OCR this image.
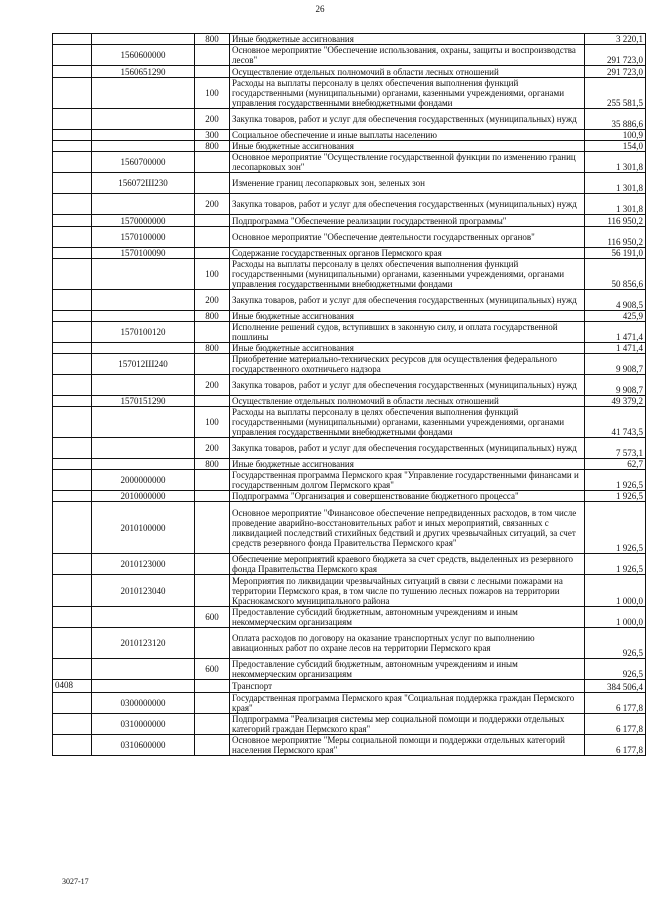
26
		800	Иные бюджетные ассигнования	3 220,1
	1560600000		Основное мероприятие "Обеспечение использования, охраны, защиты и воспроизводства лесов"	291 723,0
	1560651290		Осуществление отдельных полномочий в области лесных отношений	291 723,0
		100	Расходы на выплаты персоналу в целях обеспечения выполнения функций государственными (муниципальными) органами, казенными учреждениями, органами управления государственными внебюджетными фондами	255 581,5
		200	Закупка товаров, работ и услуг для обеспечения государственных (муниципальных) нужд	35 886,6
		300	Социальное обеспечение и иные выплаты населению	100,9
		800	Иные бюджетные ассигнования	154,0
	1560700000		Основное мероприятие "Осуществление государственной функции по изменению границ лесопарковых зон"	1 301,8
	156072Ш230		Изменение границ лесопарковых зон, зеленых зон	1 301,8
		200	Закупка товаров, работ и услуг для обеспечения государственных (муниципальных) нужд	1 301,8
	1570000000		Подпрограмма "Обеспечение реализации государственной программы"	116 950,2
	1570100000		Основное мероприятие "Обеспечение деятельности государственных органов"	116 950,2
	1570100090		Содержание государственных органов Пермского края	56 191,0
		100	Расходы на выплаты персоналу в целях обеспечения выполнения функций государственными (муниципальными) органами, казенными учреждениями, органами управления государственными внебюджетными фондами	50 856,6
		200	Закупка товаров, работ и услуг для обеспечения государственных (муниципальных) нужд	4 908,5
		800	Иные бюджетные ассигнования	425,9
	1570100120		Исполнение решений судов, вступивших в законную силу, и оплата государственной пошлины	1 471,4
		800	Иные бюджетные ассигнования	1 471,4
	157012Ш240		Приобретение материально-технических ресурсов для осуществления федерального государственного охотничьего надзора	9 908,7
		200	Закупка товаров, работ и услуг для обеспечения государственных (муниципальных) нужд	9 908,7
	1570151290		Осуществление отдельных полномочий в области лесных отношений	49 379,2
		100	Расходы на выплаты персоналу в целях обеспечения выполнения функций государственными (муниципальными) органами, казенными учреждениями, органами управления государственными внебюджетными фондами	41 743,5
		200	Закупка товаров, работ и услуг для обеспечения государственных (муниципальных) нужд	7 573,1
		800	Иные бюджетные ассигнования	62,7
	2000000000		Государственная программа Пермского края "Управление государственными финансами и государственным долгом Пермского края"	1 926,5
	2010000000		Подпрограмма "Организация и совершенствование бюджетного процесса"	1 926,5
	2010100000		Основное мероприятие "Финансовое обеспечение непредвиденных расходов, в том числе проведение аварийно-восстановительных работ и иных мероприятий, связанных с ликвидацией последствий стихийных бедствий и других чрезвычайных ситуаций, за счет средств резервного фонда Правительства Пермского края"	1 926,5
	2010123000		Обеспечение мероприятий краевого бюджета за счет средств, выделенных из резервного фонда Правительства Пермского края	1 926,5
	2010123040		Мероприятия по ликвидации чрезвычайных ситуаций в связи с лесными пожарами на территории Пермского края, в том числе по тушению лесных пожаров на территории Краснокамского муниципального района	1 000,0
		600	Предоставление субсидий бюджетным, автономным учреждениям и иным некоммерческим организациям	1 000,0
	2010123120		Оплата расходов по договору на оказание транспортных услуг по выполнению авиационных работ по охране лесов на территории Пермского края	926,5
		600	Предоставление субсидий бюджетным, автономным учреждениям и иным некоммерческим организациям	926,5
0408			Транспорт	384 506,4
	0300000000		Государственная программа Пермского края "Социальная поддержка граждан Пермского края"	6 177,8
	0310000000		Подпрограмма "Реализация системы мер социальной помощи и поддержки отдельных категорий граждан Пермского края"	6 177,8
	0310600000		Основное мероприятие "Меры социальной помощи и поддержки отдельных категорий населения Пермского края"	6 177,8
3027-17
